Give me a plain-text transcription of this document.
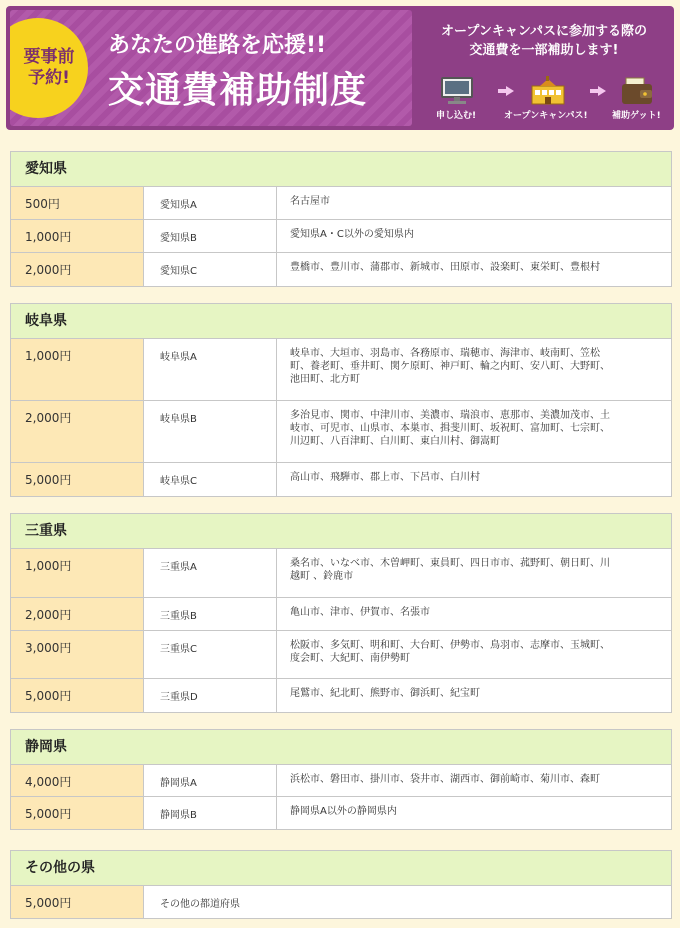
要事前
予約!
あなたの進路を応援!!
交通費補助制度
オープンキャンパスに参加する際の
交通費を一部補助します!
申し込む!	オープンキャンパス!	補助ゲット!
愛知県
500円	愛知県A	名古屋市
1,000円	愛知県B	愛知県A・C以外の愛知県内
2,000円	愛知県C	豊橋市、豊川市、蒲郡市、新城市、田原市、設楽町、東栄町、豊根村
岐阜県
1,000円	岐阜県A	岐阜市、大垣市、羽島市、各務原市、瑞穂市、海津市、岐南町、笠松
町、養老町、垂井町、関ケ原町、神戸町、輪之内町、安八町、大野町、
池田町、北方町
2,000円	岐阜県B	多治見市、関市、中津川市、美濃市、瑞浪市、恵那市、美濃加茂市、土
岐市、可児市、山県市、本巣市、揖斐川町、坂祝町、富加町、七宗町、
川辺町、八百津町、白川町、東白川村、御嵩町
5,000円	岐阜県C	高山市、飛騨市、郡上市、下呂市、白川村
三重県
1,000円	三重県A	桑名市、いなべ市、木曽岬町、東員町、四日市市、菰野町、朝日町、川
越町 、鈴鹿市
2,000円	三重県B	亀山市、津市、伊賀市、名張市
3,000円	三重県C	松阪市、多気町、明和町、大台町、伊勢市、鳥羽市、志摩市、玉城町、
度会町、大紀町、南伊勢町
5,000円	三重県D	尾鷲市、紀北町、熊野市、御浜町、紀宝町
静岡県
4,000円	静岡県A	浜松市、磐田市、掛川市、袋井市、湖西市、御前崎市、菊川市、森町
5,000円	静岡県B	静岡県A以外の静岡県内
その他の県
5,000円	その他の都道府県
